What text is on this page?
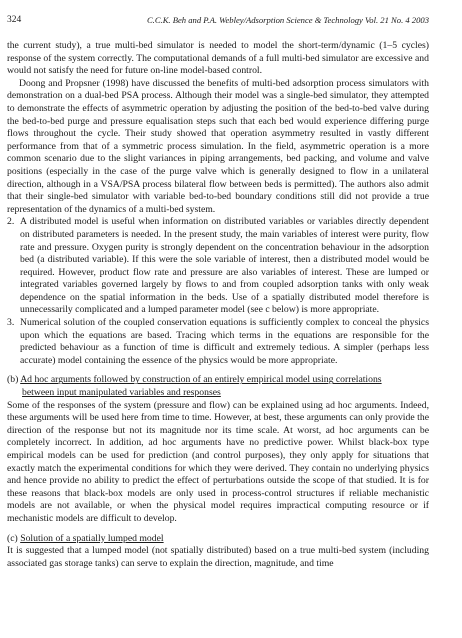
324	C.C.K. Beh and P.A. Webley/Adsorption Science & Technology Vol. 21 No. 4 2003

the current study), a true multi-bed simulator is needed to model the short-term/dynamic (1–5 cycles) response of the system correctly. The computational demands of a full multi-bed simulator are excessive and would not satisfy the need for future on-line model-based control.

Doong and Propsner (1998) have discussed the benefits of multi-bed adsorption process simulators with demonstration on a dual-bed PSA process. Although their model was a single-bed simulator, they attempted to demonstrate the effects of asymmetric operation by adjusting the position of the bed-to-bed valve during the bed-to-bed purge and pressure equalisation steps such that each bed would experience differing purge flows throughout the cycle. Their study showed that operation asymmetry resulted in vastly different performance from that of a symmetric process simulation. In the field, asymmetric operation is a more common scenario due to the slight variances in piping arrangements, bed packing, and volume and valve positions (especially in the case of the purge valve which is generally designed to flow in a unilateral direction, although in a VSA/PSA process bilateral flow between beds is permitted). The authors also admit that their single-bed simulator with variable bed-to-bed boundary conditions still did not provide a true representation of the dynamics of a multi-bed system.

2. A distributed model is useful when information on distributed variables or variables directly dependent on distributed parameters is needed. In the present study, the main variables of interest were purity, flow rate and pressure. Oxygen purity is strongly dependent on the concentration behaviour in the adsorption bed (a distributed variable). If this were the sole variable of interest, then a distributed model would be required. However, product flow rate and pressure are also variables of interest. These are lumped or integrated variables governed largely by flows to and from coupled adsorption tanks with only weak dependence on the spatial information in the beds. Use of a spatially distributed model therefore is unnecessarily complicated and a lumped parameter model (see c below) is more appropriate.
3. Numerical solution of the coupled conservation equations is sufficiently complex to conceal the physics upon which the equations are based. Tracing which terms in the equations are responsible for the predicted behaviour as a function of time is difficult and extremely tedious. A simpler (perhaps less accurate) model containing the essence of the physics would be more appropriate.
(b) Ad hoc arguments followed by construction of an entirely empirical model using correlations
between input manipulated variables and responses

Some of the responses of the system (pressure and flow) can be explained using ad hoc arguments. Indeed, these arguments will be used here from time to time. However, at best, these arguments can only provide the direction of the response but not its magnitude nor its time scale. At worst, ad hoc arguments can be completely incorrect. In addition, ad hoc arguments have no predictive power. Whilst black-box type empirical models can be used for prediction (and control purposes), they only apply for situations that exactly match the experimental conditions for which they were derived. They contain no underlying physics and hence provide no ability to predict the effect of perturbations outside the scope of that studied. It is for these reasons that black-box models are only used in process-control structures if reliable mechanistic models are not available, or when the physical model requires impractical computing resource or if mechanistic models are difficult to develop.

(c) Solution of a spatially lumped model

It is suggested that a lumped model (not spatially distributed) based on a true multi-bed system (including associated gas storage tanks) can serve to explain the direction, magnitude, and time
